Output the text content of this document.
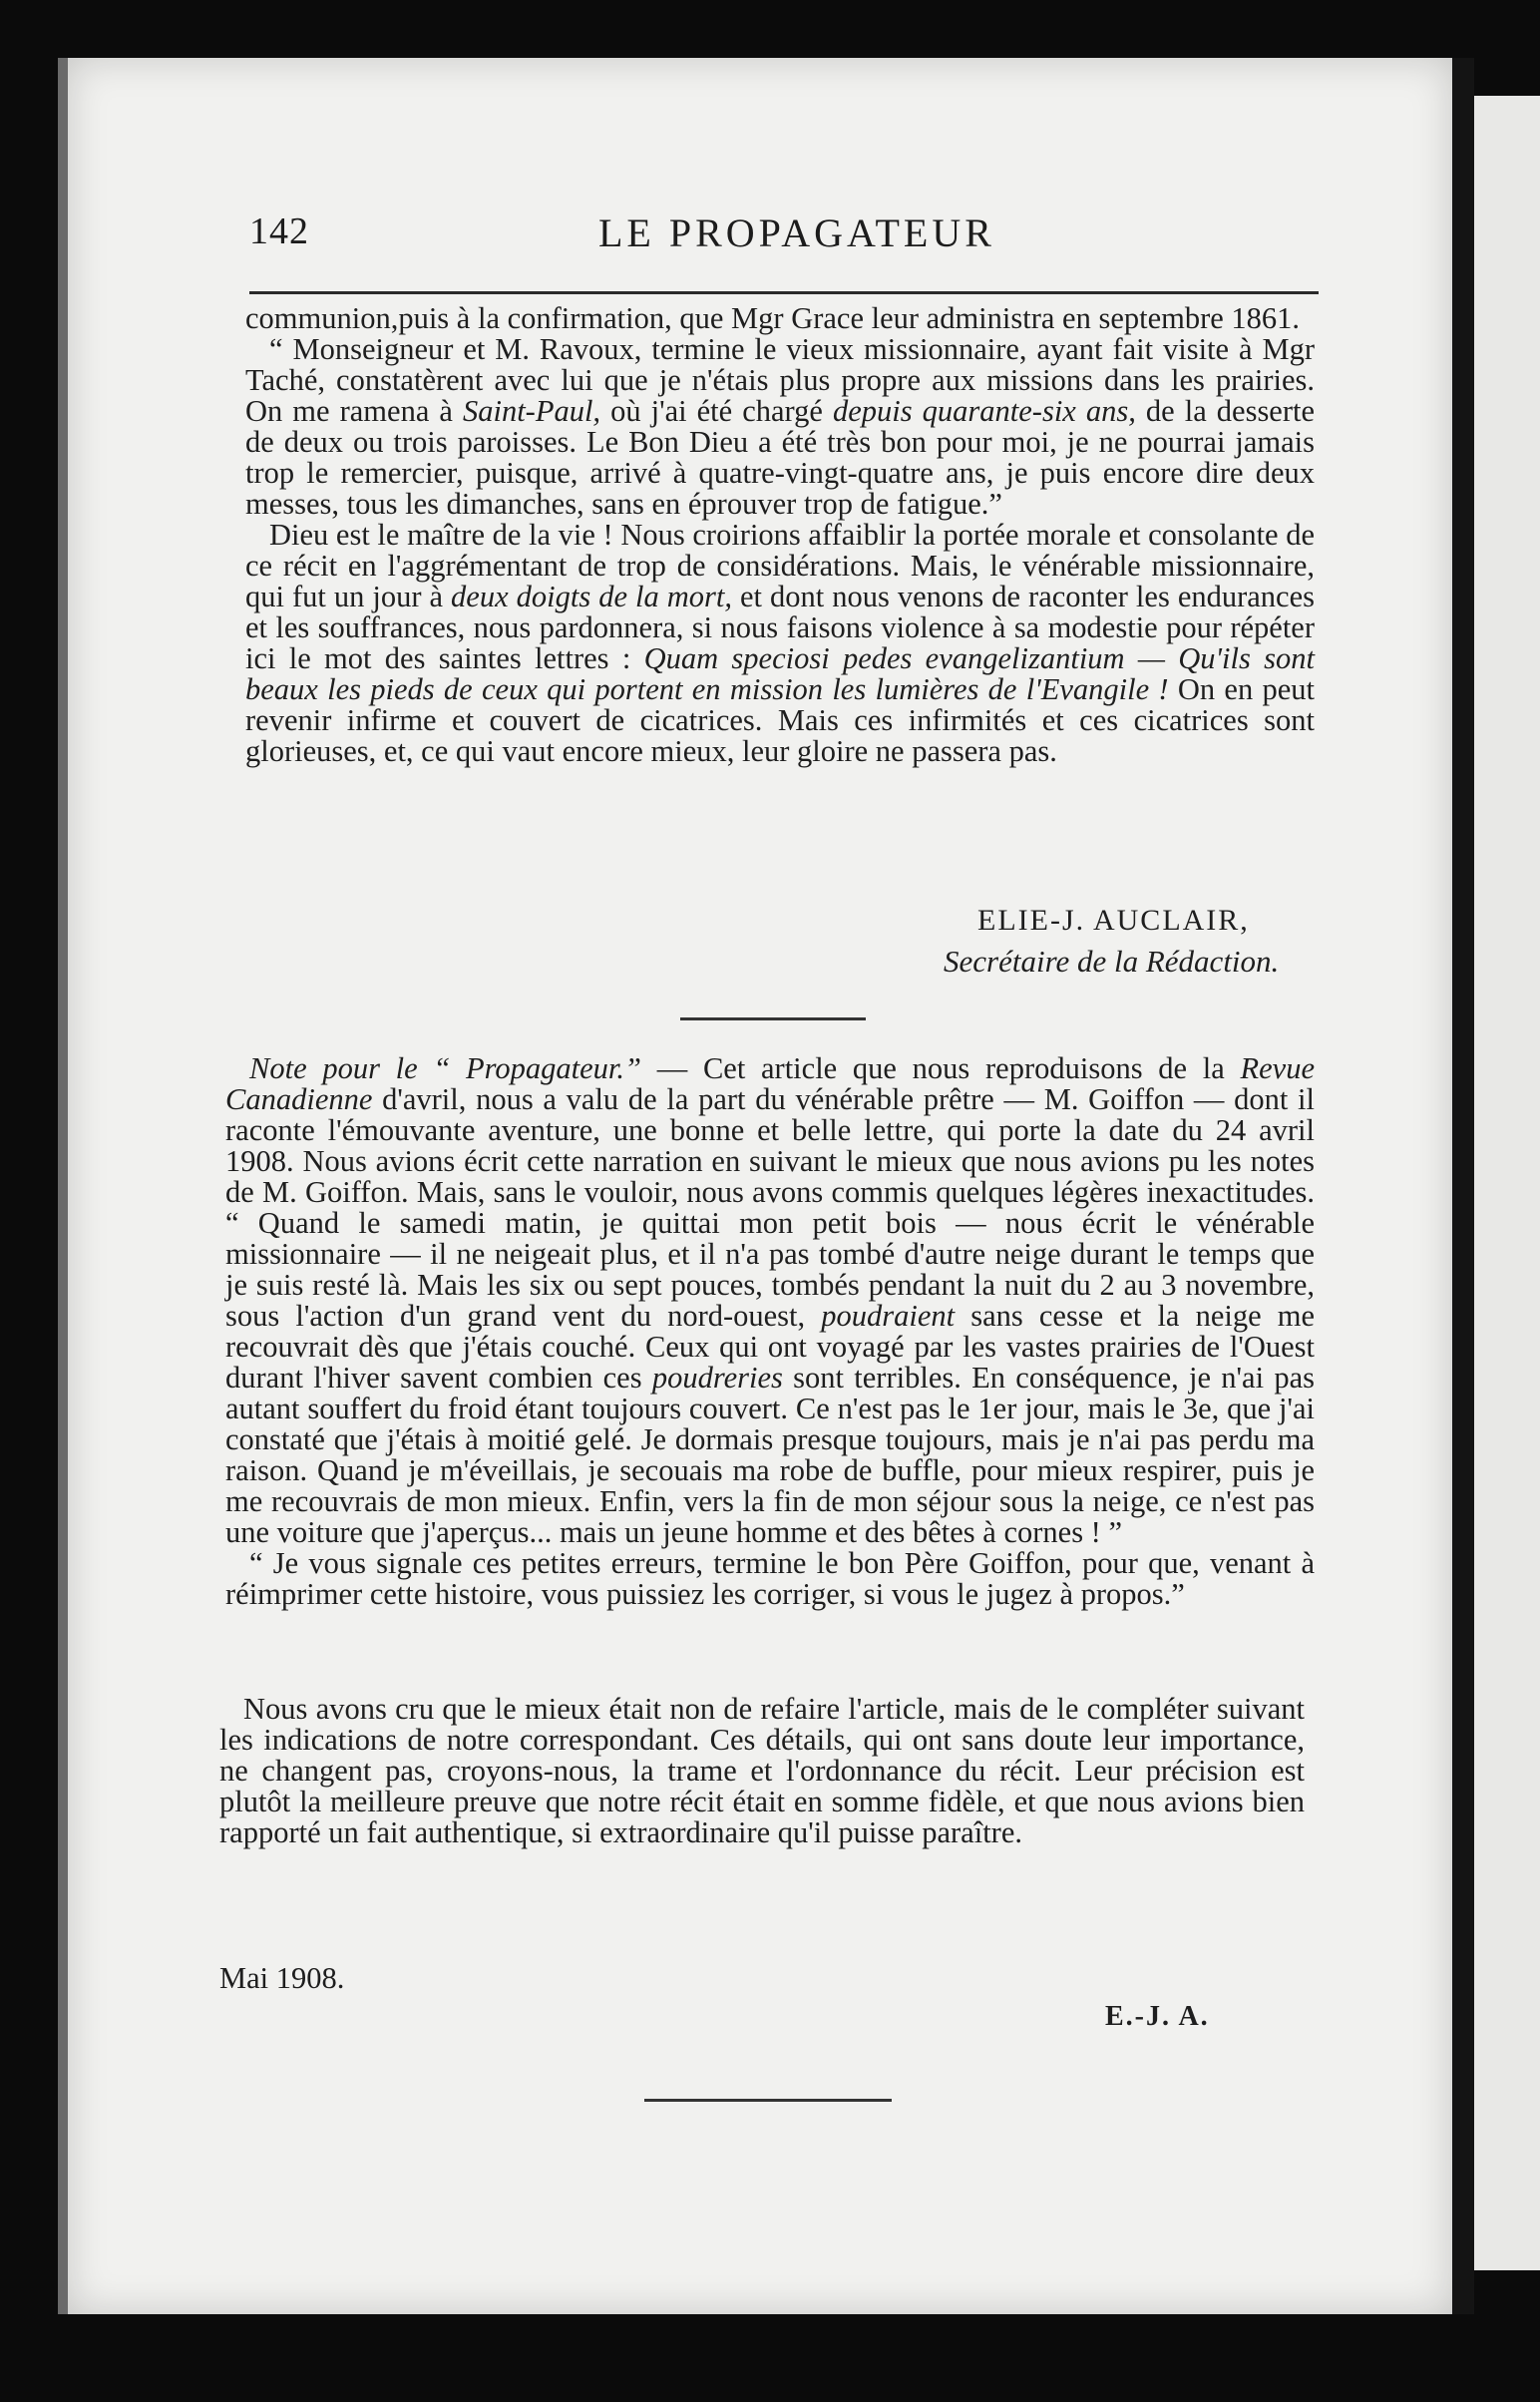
142	LE PROPAGATEUR

communion,puis à la confirmation, que Mgr Grace leur administra en septembre 1861.

“ Monseigneur et M. Ravoux, termine le vieux missionnaire, ayant fait visite à Mgr Taché, constatèrent avec lui que je n'étais plus propre aux missions dans les prairies. On me ramena à Saint-Paul, où j'ai été chargé depuis quarante-six ans, de la desserte de deux ou trois paroisses. Le Bon Dieu a été très bon pour moi, je ne pourrai jamais trop le remercier, puisque, arrivé à quatre-vingt-quatre ans, je puis encore dire deux messes, tous les dimanches, sans en éprouver trop de fatigue.”

Dieu est le maître de la vie ! Nous croirions affaiblir la portée morale et consolante de ce récit en l'aggrémentant de trop de considérations. Mais, le vénérable missionnaire, qui fut un jour à deux doigts de la mort, et dont nous venons de raconter les endurances et les souffrances, nous pardonnera, si nous faisons violence à sa modestie pour répéter ici le mot des saintes lettres : Quam speciosi pedes evangelizantium — Qu'ils sont beaux les pieds de ceux qui portent en mission les lumières de l'Evangile ! On en peut revenir infirme et couvert de cicatrices. Mais ces infirmités et ces cicatrices sont glorieuses, et, ce qui vaut encore mieux, leur gloire ne passera pas.

ELIE-J. AUCLAIR,
Secrétaire de la Rédaction.

Note pour le “ Propagateur.” — Cet article que nous reproduisons de la Revue Canadienne d'avril, nous a valu de la part du vénérable prêtre — M. Goiffon — dont il raconte l'émouvante aventure, une bonne et belle lettre, qui porte la date du 24 avril 1908. Nous avions écrit cette narration en suivant le mieux que nous avions pu les notes de M. Goiffon. Mais, sans le vouloir, nous avons commis quelques légères inexactitudes. “ Quand le samedi matin, je quittai mon petit bois — nous écrit le vénérable missionnaire — il ne neigeait plus, et il n'a pas tombé d'autre neige durant le temps que je suis resté là. Mais les six ou sept pouces, tombés pendant la nuit du 2 au 3 novembre, sous l'action d'un grand vent du nord-ouest, poudraient sans cesse et la neige me recouvrait dès que j'étais couché. Ceux qui ont voyagé par les vastes prairies de l'Ouest durant l'hiver savent combien ces poudreries sont terribles. En conséquence, je n'ai pas autant souffert du froid étant toujours couvert. Ce n'est pas le 1er jour, mais le 3e, que j'ai constaté que j'étais à moitié gelé. Je dormais presque toujours, mais je n'ai pas perdu ma raison. Quand je m'éveillais, je secouais ma robe de buffle, pour mieux respirer, puis je me recouvrais de mon mieux. Enfin, vers la fin de mon séjour sous la neige, ce n'est pas une voiture que j'aperçus... mais un jeune homme et des bêtes à cornes ! ”

“ Je vous signale ces petites erreurs, termine le bon Père Goiffon, pour que, venant à réimprimer cette histoire, vous puissiez les corriger, si vous le jugez à propos.”

Nous avons cru que le mieux était non de refaire l'article, mais de le compléter suivant les indications de notre correspondant. Ces détails, qui ont sans doute leur importance, ne changent pas, croyons-nous, la trame et l'ordonnance du récit. Leur précision est plutôt la meilleure preuve que notre récit était en somme fidèle, et que nous avions bien rapporté un fait authentique, si extraordinaire qu'il puisse paraître.

Mai 1908.
E.-J. A.
